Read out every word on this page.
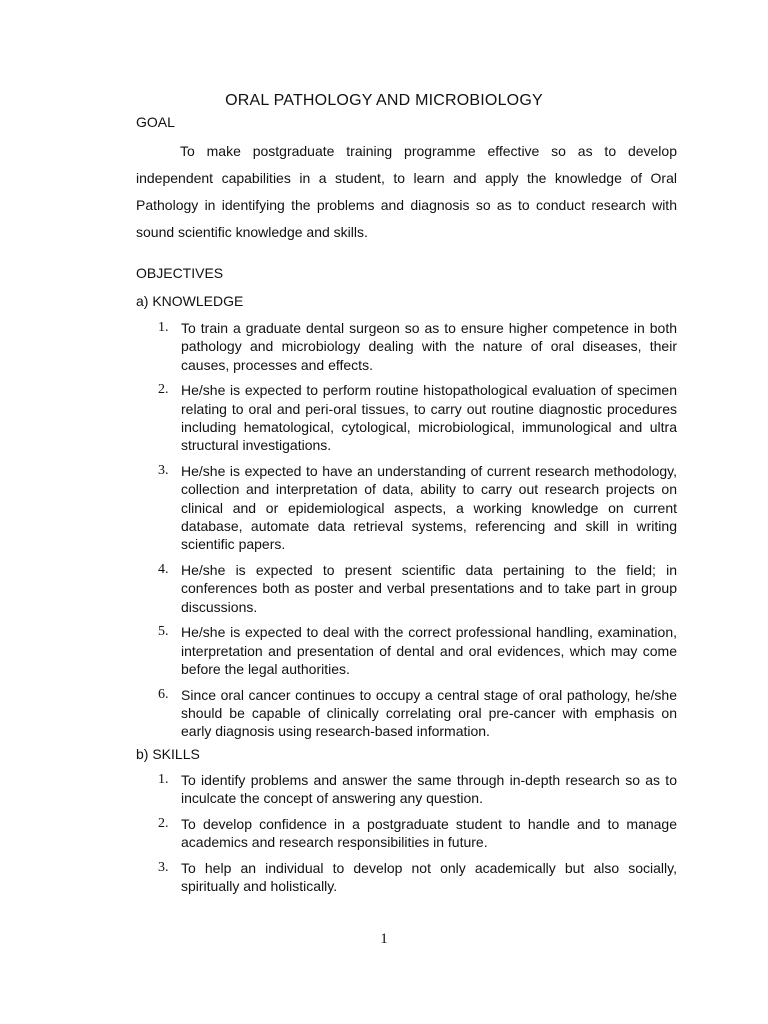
ORAL PATHOLOGY AND MICROBIOLOGY
GOAL

To make postgraduate training programme effective so as to develop independent capabilities in a student, to learn and apply the knowledge of Oral Pathology in identifying the problems and diagnosis so as to conduct research with sound scientific knowledge and skills.

OBJECTIVES
a) KNOWLEDGE
1. To train a graduate dental surgeon so as to ensure higher competence in both pathology and microbiology dealing with the nature of oral diseases, their causes, processes and effects.
2. He/she is expected to perform routine histopathological evaluation of specimen relating to oral and peri-oral tissues, to carry out routine diagnostic procedures including hematological, cytological, microbiological, immunological and ultra structural investigations.
3. He/she is expected to have an understanding of current research methodology, collection and interpretation of data, ability to carry out research projects on clinical and or epidemiological aspects, a working knowledge on current database, automate data retrieval systems, referencing and skill in writing scientific papers.
4. He/she is expected to present scientific data pertaining to the field; in conferences both as poster and verbal presentations and to take part in group discussions.
5. He/she is expected to deal with the correct professional handling, examination, interpretation and presentation of dental and oral evidences, which may come before the legal authorities.
6. Since oral cancer continues to occupy a central stage of oral pathology, he/she should be capable of clinically correlating oral pre-cancer with emphasis on early diagnosis using research-based information.
b) SKILLS
1. To identify problems and answer the same through in-depth research so as to inculcate the concept of answering any question.
2. To develop confidence in a postgraduate student to handle and to manage academics and research responsibilities in future.
3. To help an individual to develop not only academically but also socially, spiritually and holistically.
1
